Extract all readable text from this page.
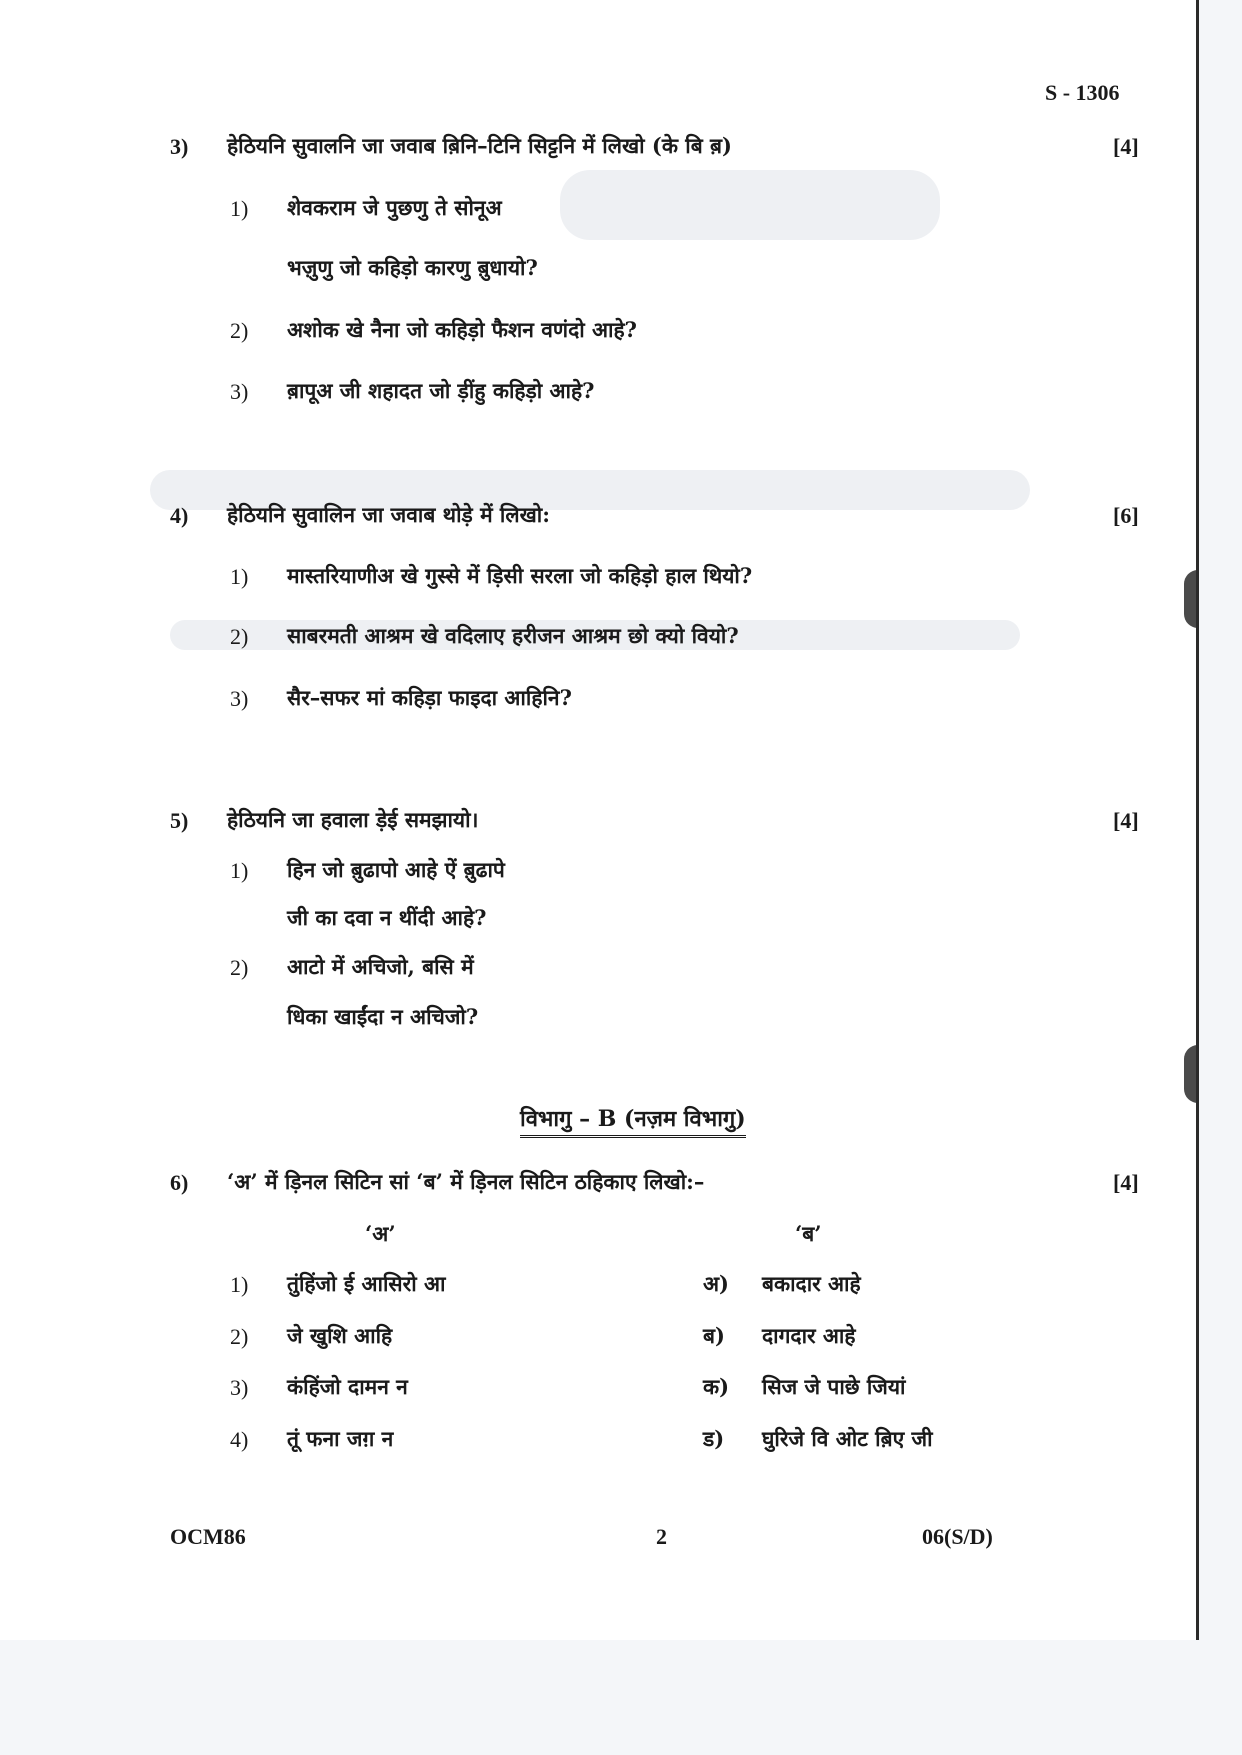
S - 1306
3) हेठियनि सुवालनि जा जवाब ब़िनि–टिनि सिट्टनि में लिखो (के बि ब़)	[4]
1) शेवकराम जे पुछणु ते सोनूअ
भज़ुणु जो कहिड़ो कारणु ब़ुधायो?
2) अशोक खे नैना जो कहिड़ो फैशन वणंदो आहे?
3) ब़ापूअ जी शहादत जो ड़ींहु कहिड़ो आहे?
4) हेठियनि सुवालिन जा जवाब थोड़े में लिखो:	[6]
1) मास्तरियाणीअ खे गुस्से में ड़िसी सरला जो कहिड़ो हाल थियो?
2) साबरमती आश्रम खे वदिलाए हरीजन आश्रम छो क्यो वियो?
3) सैर–सफर मां कहिड़ा फाइदा आहिनि?
5) हेठियनि जा हवाला ड़ेई समझायो।	[4]
1) हिन जो ब़ुढापो आहे ऐं ब़ुढापे
जी का दवा न थींदी आहे?
2) आटो में अचिजो, बसि में
धिका खाईंदा न अचिजो?
विभागु – B (नज़म विभागु)
6) ‘अ’ में ड़िनल सिटिन सां ‘ब’ में ड़िनल सिटिन ठहिकाए लिखो:–	[4]
‘अ’	‘ब’
1) तुंहिंजो ई आसिरो आ	अ) बकादार आहे
2) जे खुशि आहि	ब) दागदार आहे
3) कंहिंजो दामन न	क) सिज जे पाछे जियां
4) तूं फना जग़ न	ड) घुरिजे वि ओट ब़िए जी
OCM86	2	06(S/D)
